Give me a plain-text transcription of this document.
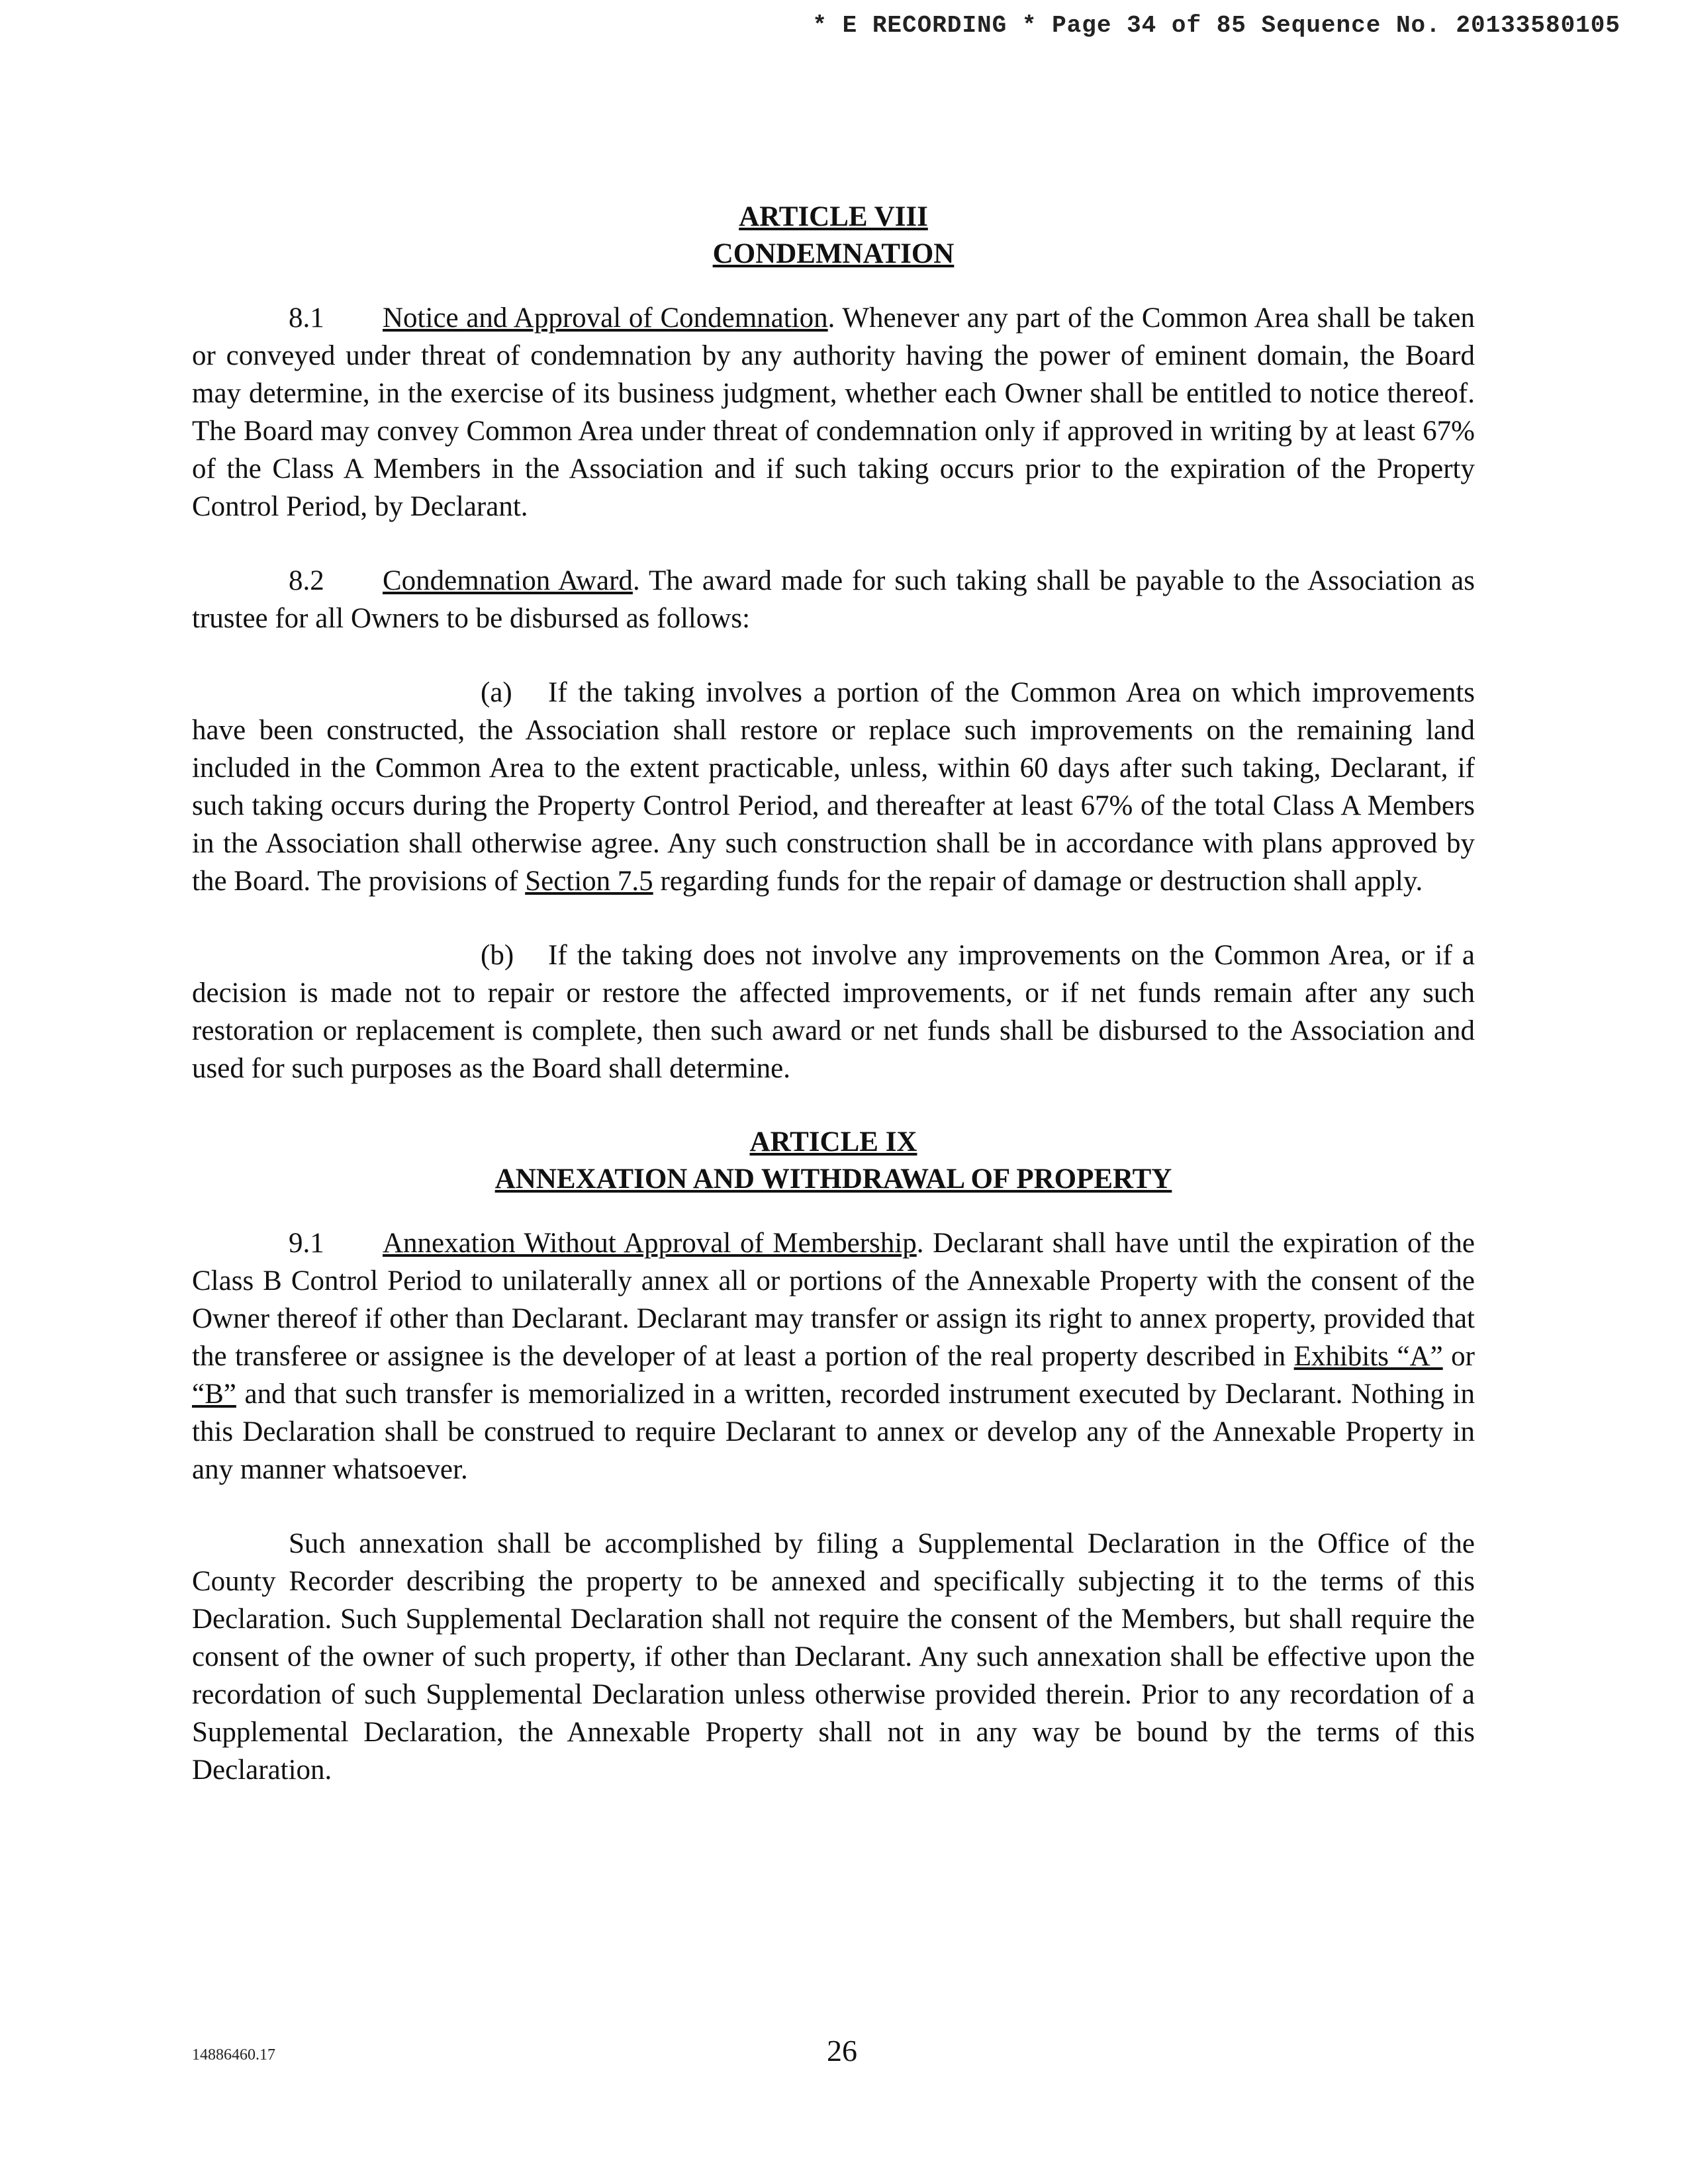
* E RECORDING * Page 34 of 85 Sequence No. 20133580105

ARTICLE VIII

CONDEMNATION

8.1 Notice and Approval of Condemnation. Whenever any part of the Common Area shall be taken or conveyed under threat of condemnation by any authority having the power of eminent domain, the Board may determine, in the exercise of its business judgment, whether each Owner shall be entitled to notice thereof. The Board may convey Common Area under threat of condemnation only if approved in writing by at least 67% of the Class A Members in the Association and if such taking occurs prior to the expiration of the Property Control Period, by Declarant.

8.2 Condemnation Award. The award made for such taking shall be payable to the Association as trustee for all Owners to be disbursed as follows:

(a) If the taking involves a portion of the Common Area on which improvements have been constructed, the Association shall restore or replace such improvements on the remaining land included in the Common Area to the extent practicable, unless, within 60 days after such taking, Declarant, if such taking occurs during the Property Control Period, and thereafter at least 67% of the total Class A Members in the Association shall otherwise agree. Any such construction shall be in accordance with plans approved by the Board. The provisions of Section 7.5 regarding funds for the repair of damage or destruction shall apply.

(b) If the taking does not involve any improvements on the Common Area, or if a decision is made not to repair or restore the affected improvements, or if net funds remain after any such restoration or replacement is complete, then such award or net funds shall be disbursed to the Association and used for such purposes as the Board shall determine.

ARTICLE IX

ANNEXATION AND WITHDRAWAL OF PROPERTY

9.1 Annexation Without Approval of Membership. Declarant shall have until the expiration of the Class B Control Period to unilaterally annex all or portions of the Annexable Property with the consent of the Owner thereof if other than Declarant. Declarant may transfer or assign its right to annex property, provided that the transferee or assignee is the developer of at least a portion of the real property described in Exhibits “A” or “B” and that such transfer is memorialized in a written, recorded instrument executed by Declarant. Nothing in this Declaration shall be construed to require Declarant to annex or develop any of the Annexable Property in any manner whatsoever.

Such annexation shall be accomplished by filing a Supplemental Declaration in the Office of the County Recorder describing the property to be annexed and specifically subjecting it to the terms of this Declaration. Such Supplemental Declaration shall not require the consent of the Members, but shall require the consent of the owner of such property, if other than Declarant. Any such annexation shall be effective upon the recordation of such Supplemental Declaration unless otherwise provided therein. Prior to any recordation of a Supplemental Declaration, the Annexable Property shall not in any way be bound by the terms of this Declaration.

14886460.17	26
